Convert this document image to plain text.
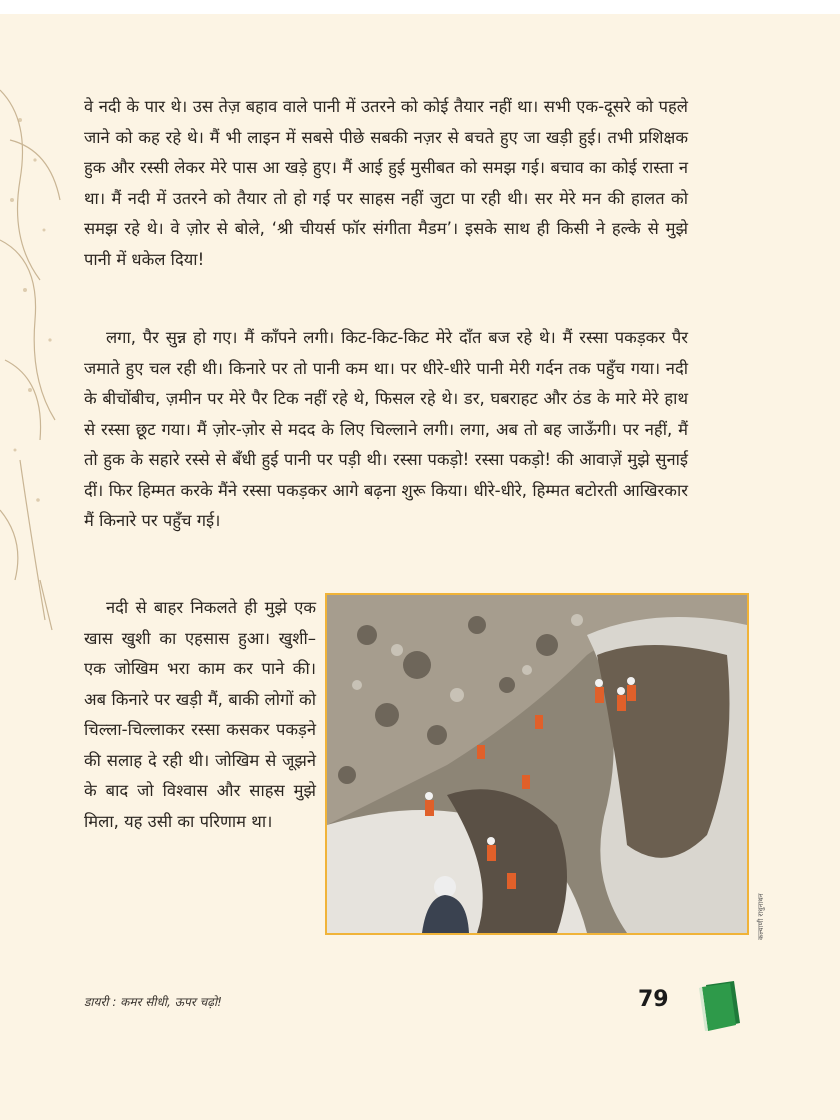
वे नदी के पार थे। उस तेज़ बहाव वाले पानी में उतरने को कोई तैयार नहीं था। सभी एक-दूसरे को पहले जाने को कह रहे थे। मैं भी लाइन में सबसे पीछे सबकी नज़र से बचते हुए जा खड़ी हुई। तभी प्रशिक्षक हुक और रस्सी लेकर मेरे पास आ खड़े हुए। मैं आई हुई मुसीबत को समझ गई। बचाव का कोई रास्ता न था। मैं नदी में उतरने को तैयार तो हो गई पर साहस नहीं जुटा पा रही थी। सर मेरे मन की हालत को समझ रहे थे। वे ज़ोर से बोले, ‘श्री चीयर्स फॉर संगीता मैडम’। इसके साथ ही किसी ने हल्के से मुझे पानी में धकेल दिया!

लगा, पैर सुन्न हो गए। मैं काँपने लगी। किट-किट-किट मेरे दाँत बज रहे थे। मैं रस्सा पकड़कर पैर जमाते हुए चल रही थी। किनारे पर तो पानी कम था। पर धीरे-धीरे पानी मेरी गर्दन तक पहुँच गया। नदी के बीचोंबीच, ज़मीन पर मेरे पैर टिक नहीं रहे थे, फिसल रहे थे। डर, घबराहट और ठंड के मारे मेरे हाथ से रस्सा छूट गया। मैं ज़ोर-ज़ोर से मदद के लिए चिल्लाने लगी। लगा, अब तो बह जाऊँगी। पर नहीं, मैं तो हुक के सहारे रस्से से बँधी हुई पानी पर पड़ी थी। रस्सा पकड़ो! रस्सा पकड़ो! की आवाज़ें मुझे सुनाई दीं। फिर हिम्मत करके मैंने रस्सा पकड़कर आगे बढ़ना शुरू किया। धीरे-धीरे, हिम्मत बटोरती आखिरकार मैं किनारे पर पहुँच गई।

नदी से बाहर निकलते ही मुझे एक खास खुशी का एहसास हुआ। खुशी–एक जोखिम भरा काम कर पाने की। अब किनारे पर खड़ी मैं, बाकी लोगों को चिल्ला-चिल्लाकर रस्सा कसकर पकड़ने की सलाह दे रही थी। जोखिम से जूझने के बाद जो विश्वास और साहस मुझे मिला, यह उसी का परिणाम था।

कल्याणी राधुनाथन
डायरी : कमर सीधी, ऊपर चढ़ो!	79
